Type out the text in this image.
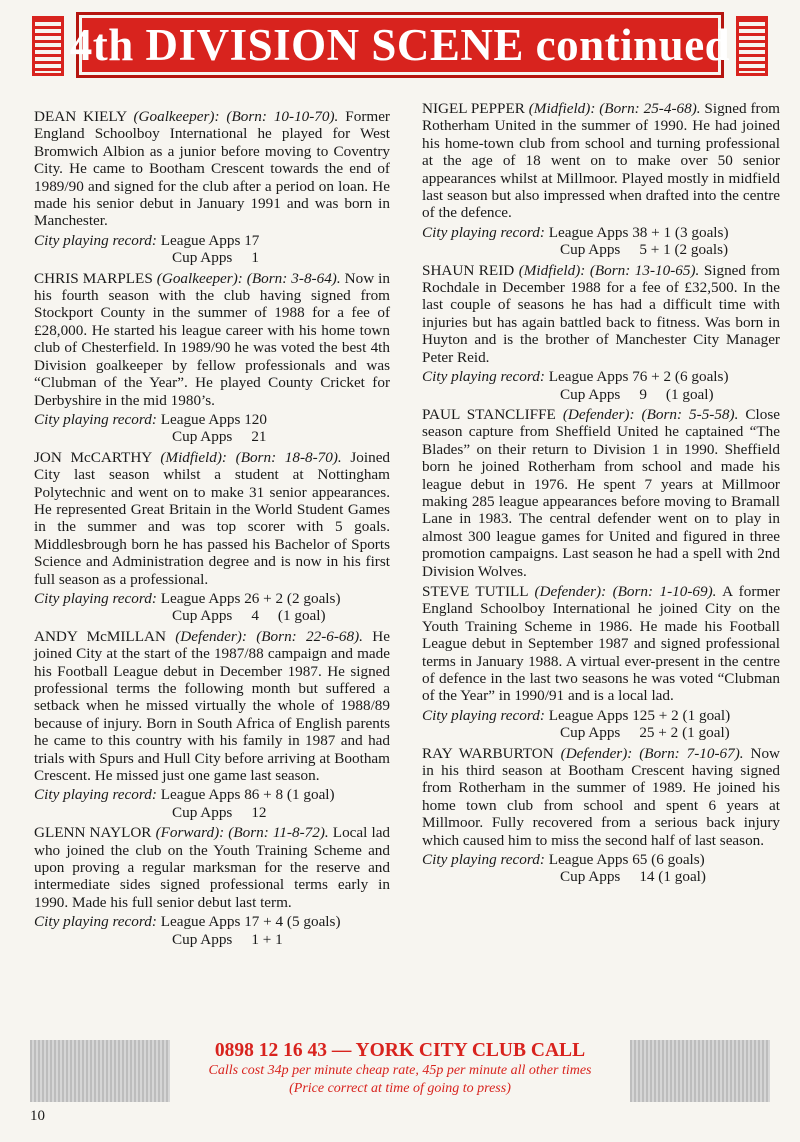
4th DIVISION SCENE continued

DEAN KIELY (Goalkeeper): (Born: 10-10-70). Former England Schoolboy International he played for West Bromwich Albion as a junior before moving to Coventry City. He came to Bootham Crescent towards the end of 1989/90 and signed for the club after a period on loan. He made his senior debut in January 1991 and was born in Manchester.

City playing record: League Apps 17
Cup Apps     1

CHRIS MARPLES (Goalkeeper): (Born: 3-8-64). Now in his fourth season with the club having signed from Stockport County in the summer of 1988 for a fee of £28,000. He started his league career with his home town club of Chesterfield. In 1989/90 he was voted the best 4th Division goalkeeper by fellow professionals and was “Clubman of the Year”. He played County Cricket for Derbyshire in the mid 1980’s.

City playing record: League Apps 120
Cup Apps     21

JON McCARTHY (Midfield): (Born: 18-8-70). Joined City last season whilst a student at Nottingham Polytechnic and went on to make 31 senior appearances. He represented Great Britain in the World Student Games in the summer and was top scorer with 5 goals. Middlesbrough born he has passed his Bachelor of Sports Science and Administration degree and is now in his first full season as a professional.

City playing record: League Apps 26 + 2 (2 goals)
Cup Apps     4     (1 goal)

ANDY McMILLAN (Defender): (Born: 22-6-68). He joined City at the start of the 1987/88 campaign and made his Football League debut in December 1987. He signed professional terms the following month but suffered a setback when he missed virtually the whole of 1988/89 because of injury. Born in South Africa of English parents he came to this country with his family in 1987 and had trials with Spurs and Hull City before arriving at Bootham Crescent. He missed just one game last season.

City playing record: League Apps 86 + 8 (1 goal)
Cup Apps     12

GLENN NAYLOR (Forward): (Born: 11-8-72). Local lad who joined the club on the Youth Training Scheme and upon proving a regular marksman for the reserve and intermediate sides signed professional terms early in 1990. Made his full senior debut last term.

City playing record: League Apps 17 + 4 (5 goals)
Cup Apps     1 + 1

NIGEL PEPPER (Midfield): (Born: 25-4-68). Signed from Rotherham United in the summer of 1990. He had joined his home-town club from school and turning professional at the age of 18 went on to make over 50 senior appearances whilst at Millmoor. Played mostly in midfield last season but also impressed when drafted into the centre of the defence.

City playing record: League Apps 38 + 1 (3 goals)
Cup Apps     5 + 1 (2 goals)

SHAUN REID (Midfield): (Born: 13-10-65). Signed from Rochdale in December 1988 for a fee of £32,500. In the last couple of seasons he has had a difficult time with injuries but has again battled back to fitness. Was born in Huyton and is the brother of Manchester City Manager Peter Reid.

City playing record: League Apps 76 + 2 (6 goals)
Cup Apps     9     (1 goal)

PAUL STANCLIFFE (Defender): (Born: 5-5-58). Close season capture from Sheffield United he captained “The Blades” on their return to Division 1 in 1990. Sheffield born he joined Rotherham from school and made his league debut in 1976. He spent 7 years at Millmoor making 285 league appearances before moving to Bramall Lane in 1983. The central defender went on to play in almost 300 league games for United and figured in three promotion campaigns. Last season he had a spell with 2nd Division Wolves.

STEVE TUTILL (Defender): (Born: 1-10-69). A former England Schoolboy International he joined City on the Youth Training Scheme in 1986. He made his Football League debut in September 1987 and signed professional terms in January 1988. A virtual ever-present in the centre of defence in the last two seasons he was voted “Clubman of the Year” in 1990/91 and is a local lad.

City playing record: League Apps 125 + 2 (1 goal)
Cup Apps     25 + 2 (1 goal)

RAY WARBURTON (Defender): (Born: 7-10-67). Now in his third season at Bootham Crescent having signed from Rotherham in the summer of 1989. He joined his home town club from school and spent 6 years at Millmoor. Fully recovered from a serious back injury which caused him to miss the second half of last season.

City playing record: League Apps 65 (6 goals)
Cup Apps     14 (1 goal)
0898 12 16 43 — YORK CITY CLUB CALL
Calls cost 34p per minute cheap rate, 45p per minute all other times
(Price correct at time of going to press)
10
